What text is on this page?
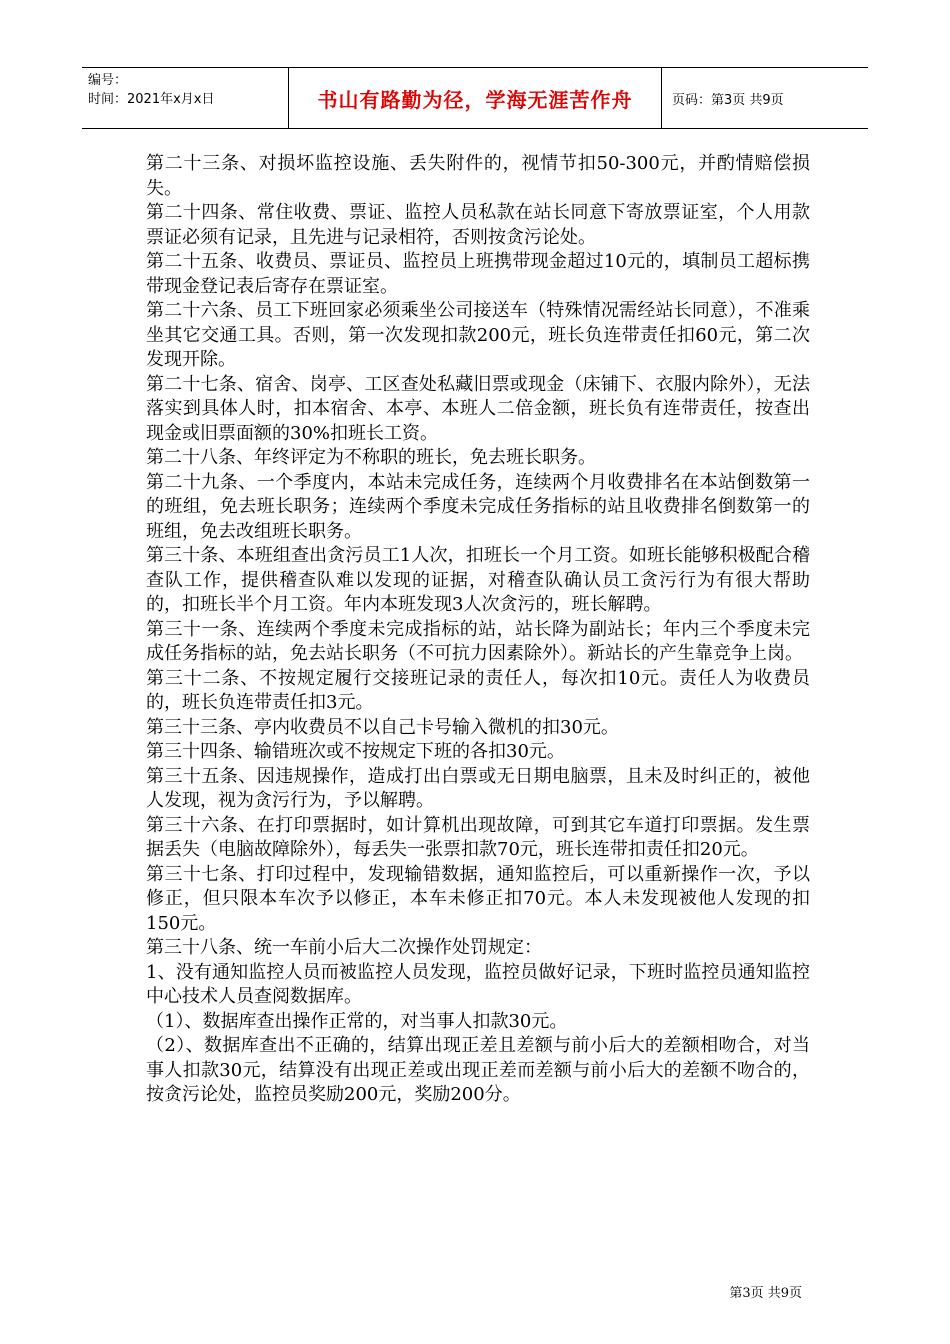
编号：
时间：2021年x月x日	书山有路勤为径，学海无涯苦作舟	页码：第3页 共9页

第二十三条、对损坏监控设施、丢失附件的，视情节扣50-300元，并酌情赔偿损失。

第二十四条、常住收费、票证、监控人员私款在站长同意下寄放票证室，个人用款票证必须有记录，且先进与记录相符，否则按贪污论处。

第二十五条、收费员、票证员、监控员上班携带现金超过10元的，填制员工超标携带现金登记表后寄存在票证室。

第二十六条、员工下班回家必须乘坐公司接送车（特殊情况需经站长同意），不准乘坐其它交通工具。否则，第一次发现扣款200元，班长负连带责任扣60元，第二次发现开除。

第二十七条、宿舍、岗亭、工区查处私藏旧票或现金（床铺下、衣服内除外），无法落实到具体人时，扣本宿舍、本亭、本班人二倍金额，班长负有连带责任，按查出现金或旧票面额的30%扣班长工资。

第二十八条、年终评定为不称职的班长，免去班长职务。

第二十九条、一个季度内，本站未完成任务，连续两个月收费排名在本站倒数第一的班组，免去班长职务；连续两个季度未完成任务指标的站且收费排名倒数第一的班组，免去改组班长职务。

第三十条、本班组查出贪污员工1人次，扣班长一个月工资。如班长能够积极配合稽查队工作，提供稽查队难以发现的证据，对稽查队确认员工贪污行为有很大帮助的，扣班长半个月工资。年内本班发现3人次贪污的，班长解聘。

第三十一条、连续两个季度未完成指标的站，站长降为副站长；年内三个季度未完成任务指标的站，免去站长职务（不可抗力因素除外）。新站长的产生靠竞争上岗。

第三十二条、不按规定履行交接班记录的责任人，每次扣10元。责任人为收费员的，班长负连带责任扣3元。

第三十三条、亭内收费员不以自己卡号输入微机的扣30元。

第三十四条、输错班次或不按规定下班的各扣30元。

第三十五条、因违规操作，造成打出白票或无日期电脑票，且未及时纠正的，被他人发现，视为贪污行为，予以解聘。

第三十六条、在打印票据时，如计算机出现故障，可到其它车道打印票据。发生票据丢失（电脑故障除外），每丢失一张票扣款70元，班长连带扣责任扣20元。

第三十七条、打印过程中，发现输错数据，通知监控后，可以重新操作一次，予以修正，但只限本车次予以修正，本车未修正扣70元。本人未发现被他人发现的扣150元。

第三十八条、统一车前小后大二次操作处罚规定：

1、没有通知监控人员而被监控人员发现，监控员做好记录，下班时监控员通知监控中心技术人员查阅数据库。

（1）、数据库查出操作正常的，对当事人扣款30元。

（2）、数据库查出不正确的，结算出现正差且差额与前小后大的差额相吻合，对当事人扣款30元，结算没有出现正差或出现正差而差额与前小后大的差额不吻合的，按贪污论处，监控员奖励200元，奖励200分。

第3页 共9页
